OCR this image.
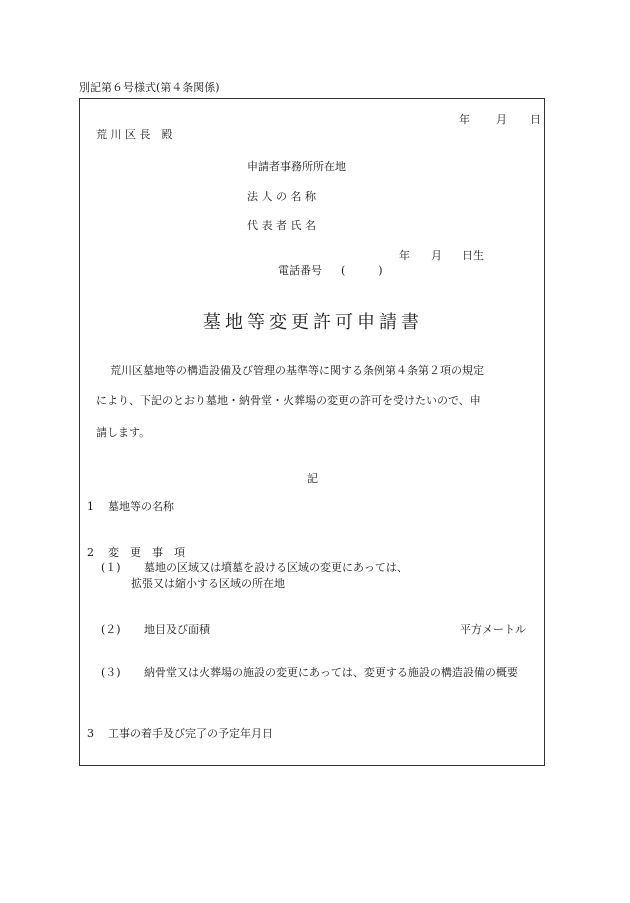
別記第６号様式(第４条関係)
年 月 日
荒 川 区 長　殿
申請者事務所所在地
法 人 の 名 称
代 表 者 氏 名
年 月 日生
電話番号 (　　　)
墓地等変更許可申請書
荒川区墓地等の構造設備及び管理の基準等に関する条例第４条第２項の規定
により、下記のとおり墓地・納骨堂・火葬場の変更の許可を受けたいので、申
請します。
記
1 墓地等の名称
2 変　更　事　項
(１) 墓地の区域又は墳墓を設ける区域の変更にあっては、
拡張又は縮小する区域の所在地
(２) 地目及び面積	平方メートル
(３) 納骨堂又は火葬場の施設の変更にあっては、変更する施設の構造設備の概要
3 工事の着手及び完了の予定年月日
